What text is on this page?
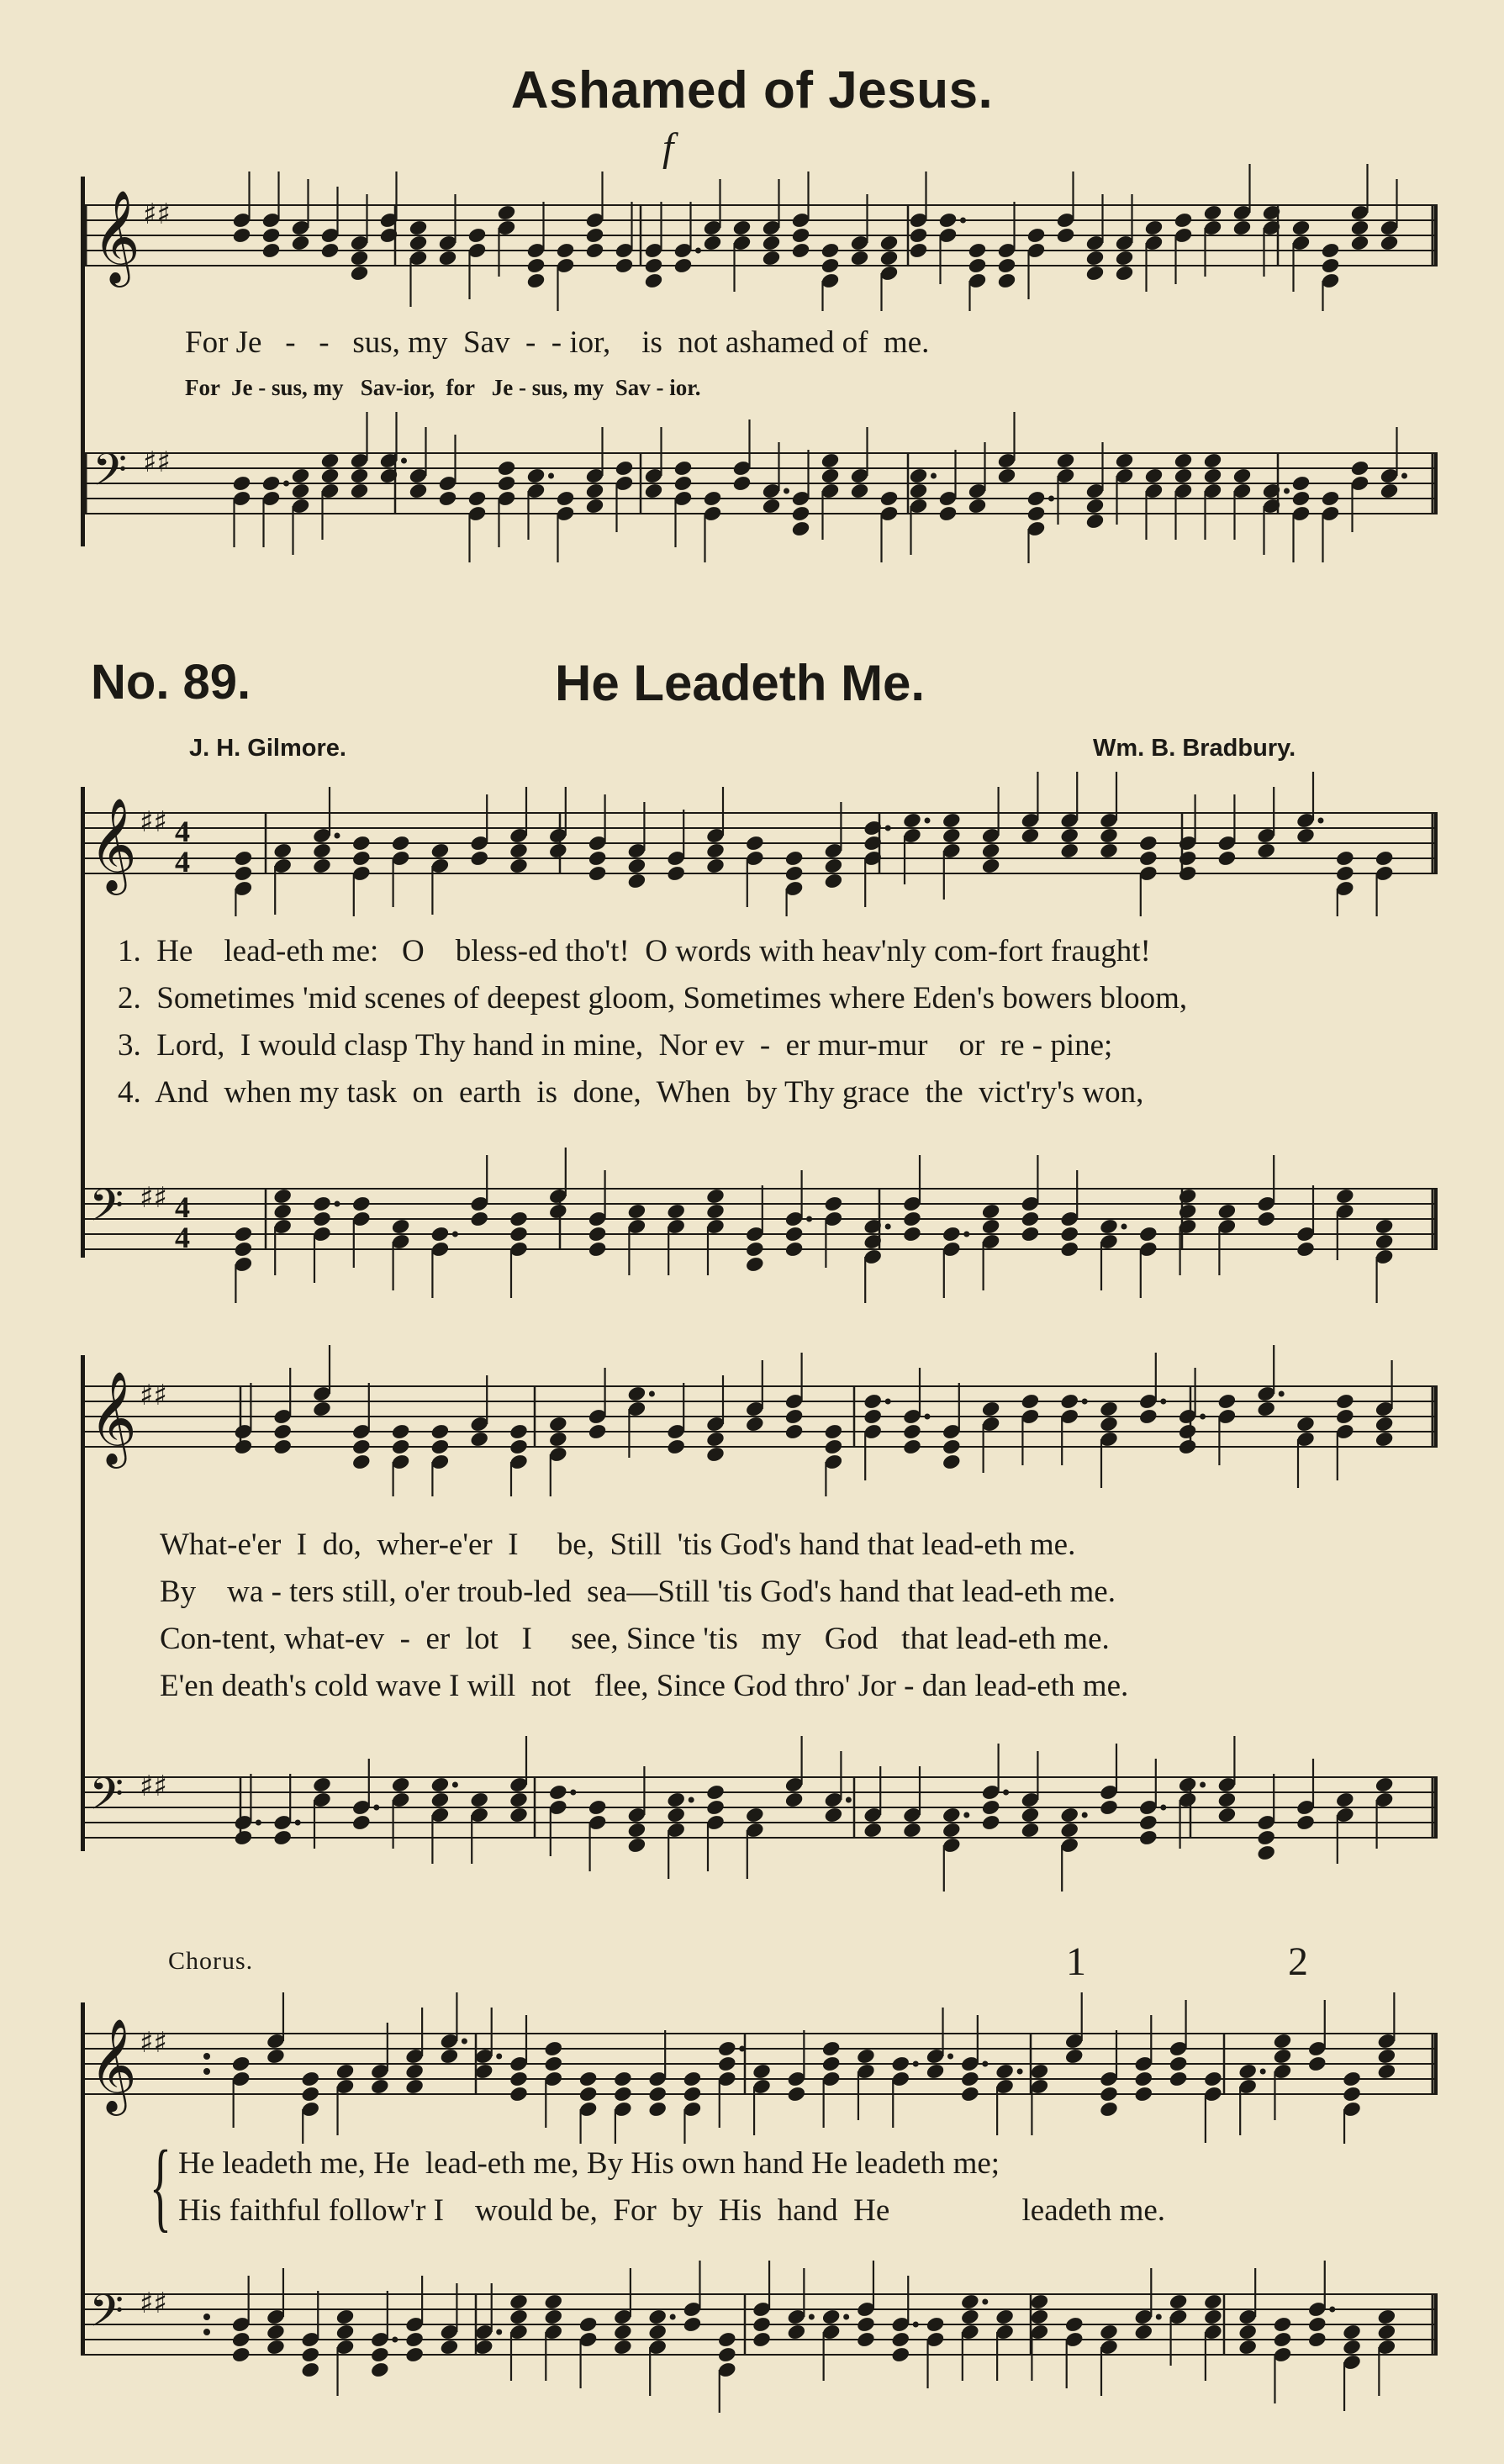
Ashamed of Jesus.
f
𝄞 ♯♯
For Je   -   -   sus, my  Sav  -  - ior,    is  not ashamed of  me.
For  Je - sus, my   Sav-ior,  for   Je - sus, my  Sav - ior.
𝄢 ♯♯
No. 89.	He Leadeth Me.
J. H. Gilmore.	Wm. B. Bradbury.
𝄞 ♯♯ 4
4
1.  He    lead-eth me:   O    bless-ed tho't!  O words with heav'nly com-fort fraught!
2.  Sometimes 'mid scenes of deepest gloom, Sometimes where Eden's bowers bloom,
3.  Lord,  I would clasp Thy hand in mine,  Nor ev  -  er mur-mur    or  re - pine;
4.  And  when my task  on  earth  is  done,  When  by Thy grace  the  vict'ry's won,
𝄢 ♯♯ 4
4
𝄞 ♯♯
What-e'er  I  do,  wher-e'er  I     be,  Still  'tis God's hand that lead-eth me.
By    wa - ters still, o'er troub-led  sea—Still 'tis God's hand that lead-eth me.
Con-tent, what-ev  -  er  lot   I     see, Since 'tis   my   God   that lead-eth me.
E'en death's cold wave I will  not   flee, Since God thro' Jor - dan lead-eth me.
𝄢 ♯♯
Chorus.	1	2
𝄞 ♯♯
{ He leadeth me, He  lead-eth me, By His own hand He leadeth me;
His faithful follow'r I    would be,  For  by  His  hand  He                 leadeth me.
𝄢 ♯♯
